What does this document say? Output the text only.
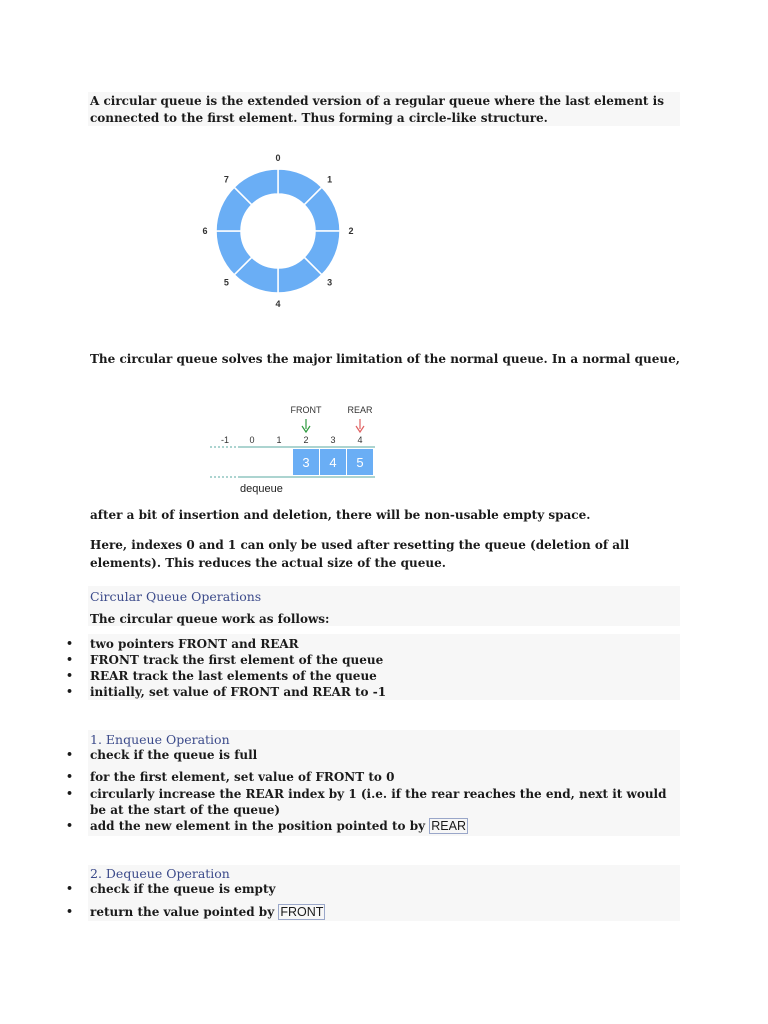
A circular queue is the extended version of a regular queue where the last element is connected to the first element. Thus forming a circle-like structure.
0
1
2
3
4
5
6
7
The circular queue solves the major limitation of the normal queue. In a normal queue,
FRONT	REAR
-1 0 1 2 3 4
3 4 5
dequeue
after a bit of insertion and deletion, there will be non-usable empty space.
Here, indexes 0 and 1 can only be used after resetting the queue (deletion of all elements). This reduces the actual size of the queue.
Circular Queue Operations
The circular queue work as follows:
• two pointers FRONT and REAR
• FRONT track the first element of the queue
• REAR track the last elements of the queue
• initially, set value of FRONT and REAR to -1
1. Enqueue Operation
• check if the queue is full
• for the first element, set value of FRONT to 0
• circularly increase the REAR index by 1 (i.e. if the rear reaches the end, next it would be at the start of the queue)
• add the new element in the position pointed to by REAR
2. Dequeue Operation
• check if the queue is empty
• return the value pointed by FRONT
